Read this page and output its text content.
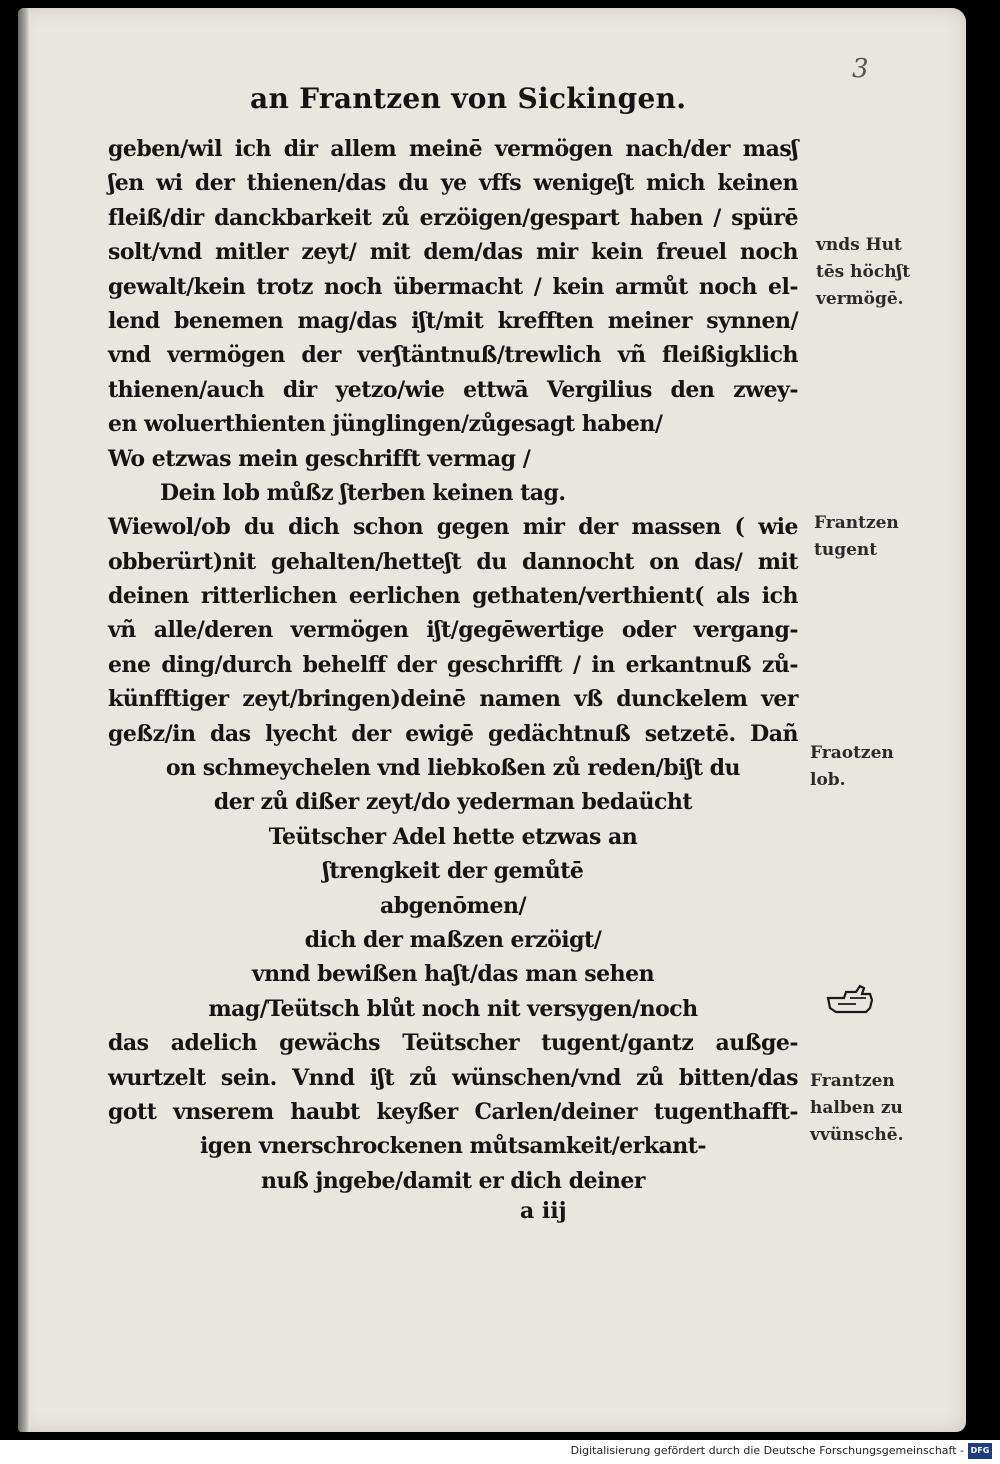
3
an Frantzen von Sickingen.
geben/wil ich dir allem meinē vermögen nach/der masʃ
ʃen wi der thienen/das du ye vffs wenigeʃt mich keinen
fleiß/dir danckbarkeit zů erzöigen/gespart haben / spürē
solt/vnd mitler zeyt/ mit dem/das mir kein freuel noch
gewalt/kein trotz noch übermacht / kein armůt noch el-
lend benemen mag/das iʃt/mit krefften meiner synnen/
vnd vermögen der verʃtäntnuß/trewlich vñ fleißigklich
thienen/auch dir yetzo/wie ettwā Vergilius den zwey-
en woluerthienten jünglingen/zůgesagt haben/
Wo etzwas mein geschrifft vermag /
Dein lob můßz ʃterben keinen tag.
Wiewol/ob du dich schon gegen mir der massen ( wie
obberürt)nit gehalten/hetteʃt du dannocht on das/ mit
deinen ritterlichen eerlichen gethaten/verthient( als ich
vñ alle/deren vermögen iʃt/gegēwertige oder vergang-
ene ding/durch behelff der geschrifft / in erkantnuß zů-
künfftiger zeyt/bringen)deinē namen vß dunckelem ver
geßz/in das lyecht der ewigē gedächtnuß setzetē. Dañ
on schmeychelen vnd liebkoßen zů reden/biʃt du
der zů dißer zeyt/do yederman bedaücht
Teütscher Adel hette etzwas an
ʃtrengkeit der gemůtē
abgenōmen/
dich der maßzen erzöigt/
vnnd bewißen haʃt/das man sehen
mag/Teütsch blůt noch nit versygen/noch
das adelich gewächs Teütscher tugent/gantz außge-
wurtzelt sein. Vnnd iʃt zů wünschen/vnd zů bitten/das
gott vnserem haubt keyßer Carlen/deiner tugenthafft-
igen vnerschrockenen můtsamkeit/erkant-
nuß jngebe/damit er dich deiner
a iij
vnds Hut tēs höchʃt vermögē.
Frantzen tugent
Fraotzen lob.
Frantzen halben zu vvünschē.
Digitalisierung gefördert durch die Deutsche Forschungsgemeinschaft - DFG
